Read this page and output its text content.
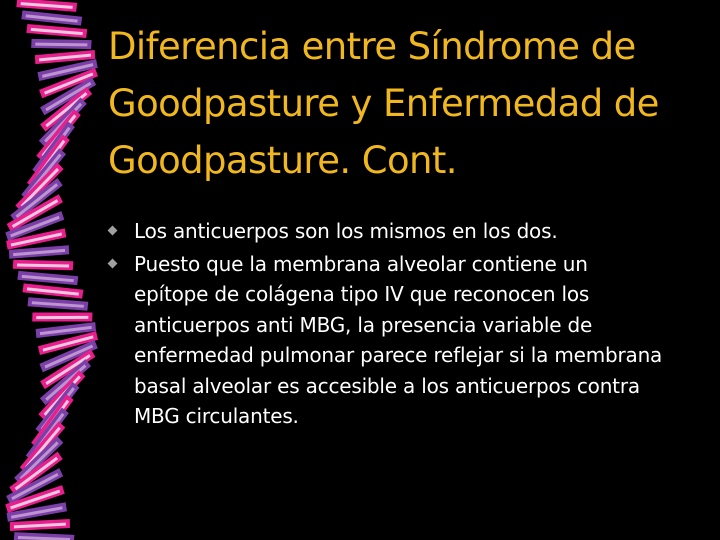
Diferencia entre Síndrome de Goodpasture y Enfermedad de Goodpasture. Cont.
Los anticuerpos son los mismos en los dos.
Puesto que la membrana alveolar contiene un epítope de colágena tipo IV que reconocen los anticuerpos anti MBG, la presencia variable de enfermedad pulmonar parece reflejar si la membrana basal alveolar es accesible a los anticuerpos contra MBG circulantes.
